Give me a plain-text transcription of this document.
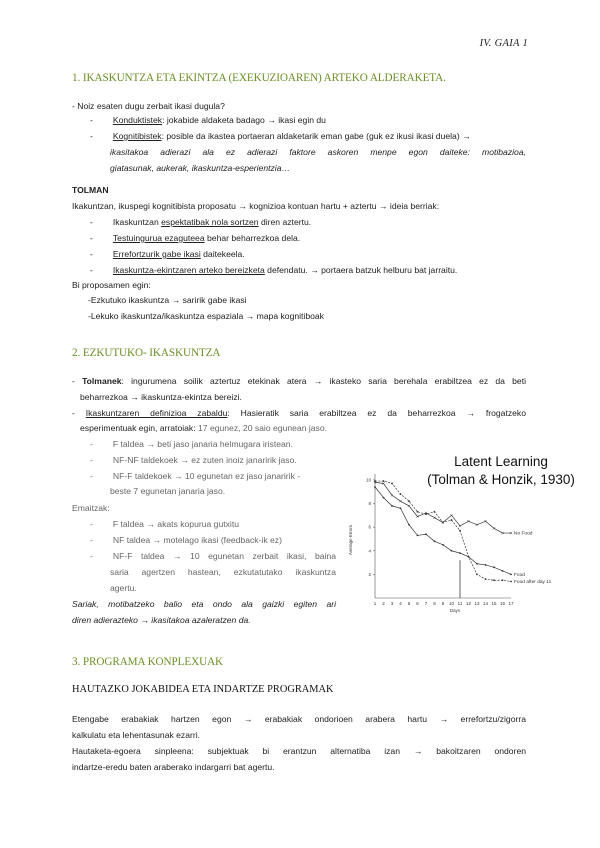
IV. GAIA 1
1. IKASKUNTZA ETA EKINTZA (EXEKUZIOAREN) ARTEKO ALDERAKETA.
- Noiz esaten dugu zerbait ikasi dugula?
- Konduktistek: jokabide aldaketa badago → ikasi egin du
- Kognitibistek: posible da ikastea portaeran aldaketarik eman gabe (guk ez ikusi ikasi duela) →
ikasitakoa adierazi ala ez adierazi faktore askoren menpe egon daiteke: motibazioa,
giatasunak, aukerak, ikaskuntza-esperientzia…
TOLMAN
Ikakuntzan, ikuspegi kognitibista proposatu → kognizioa kontuan hartu + aztertu → ideia berriak:
- Ikaskuntzan espektatibak nola sortzen diren aztertu.
- Testuingurua ezaguteea behar beharrezkoa dela.
- Errefortzurik gabe ikasi daitekeela.
- Ikaskuntza-ekintzaren arteko bereizketa defendatu. → portaera batzuk helburu bat jarraitu.
Bi proposamen egin:
-Ezkutuko ikaskuntza → saririk gabe ikasi
-Lekuko ikaskuntza/ikaskuntza espaziala → mapa kognitiboak
2. EZKUTUKO- IKASKUNTZA
- Tolmanek: ingurumena soilik aztertuz etekinak atera → ikasteko saria berehala erabiltzea ez da beti
beharrezkoa → ikaskuntza-ekintza bereizi.
- Ikaskuntzaren definizioa zabaldu: Hasieratik saria erabiltzea ez da beharrezkoa → frogatzeko
esperimentuak egin, arratoiak: 17 egunez, 20 saio egunean jaso.
- F taldea → beti jaso janaria helmugara iristean.
- NF-NF taldekoek → ez zuten inoiz janaririk jaso.
- NF-F taldekoek → 10 egunetan ez jaso janaririk -
beste 7 egunetan janaria jaso.
Emaitzak:
- F taldea → akats kopurua gutxitu
- NF taldea → motelago ikasi (feedback-ik ez)
- NF-F taldea → 10 egunetan zerbait ikasi, baina
saria agertzen hastean, ezkutatutako ikaskuntza
agertu.
Sariak, motibatzeko balio eta ondo ala gaizki egiten ari
diren adierazteko → ikasitakoa azaleratzen da.
Latent Learning
(Tolman & Honzik, 1930)
2
4
6
8
10
1 2 3 4 5 6 7 8 9 10 11 12 13 14 15 16 17
No Food
Food
Food after day 11
Average Errors
Days
3. PROGRAMA KONPLEXUAK
HAUTAZKO JOKABIDEA ETA INDARTZE PROGRAMAK
Etengabe erabakiak hartzen egon → erabakiak ondorioen arabera hartu → errefortzu/zigorra
kalkulatu eta lehentasunak ezarri.
Hautaketa-egoera sinpleena: subjektuak bi erantzun alternatiba izan → bakoitzaren ondoren
indartze-eredu baten araberako indargarri bat agertu.
